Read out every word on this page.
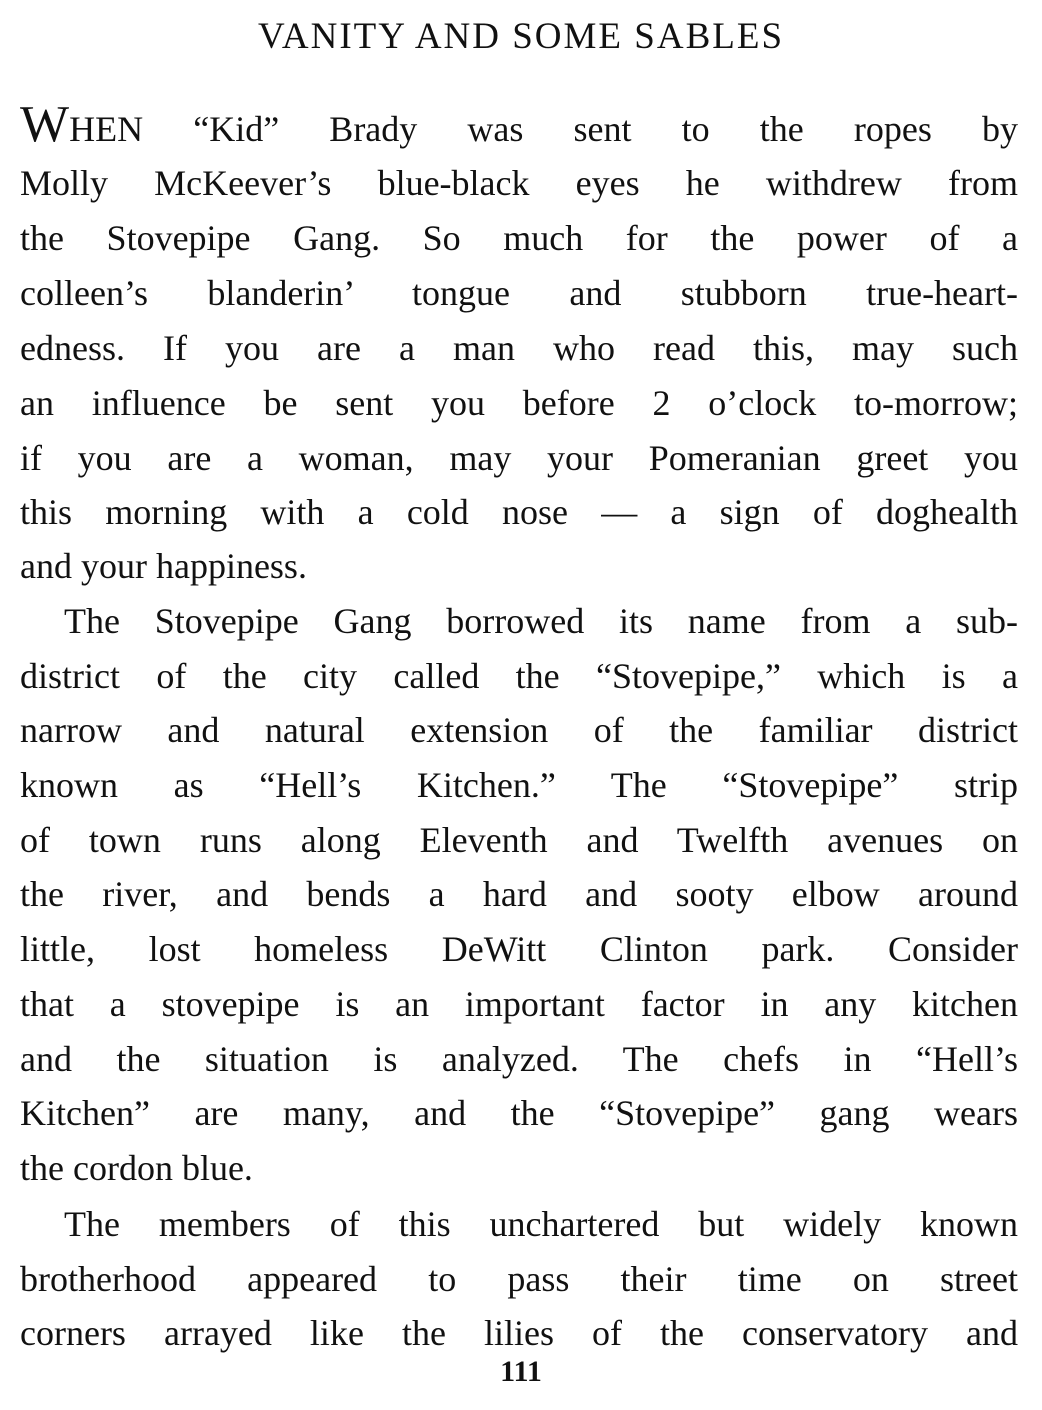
VANITY AND SOME SABLES
WHEN “Kid” Brady was sent to the ropes by
Molly McKeever’s blue-black eyes he withdrew from
the Stovepipe Gang. So much for the power of a
colleen’s blanderin’ tongue and stubborn true-heart-
edness. If you are a man who read this, may such
an influence be sent you before 2 o’clock to-morrow;
if you are a woman, may your Pomeranian greet you
this morning with a cold nose — a sign of doghealth
and your happiness.
The Stovepipe Gang borrowed its name from a sub-
district of the city called the “Stovepipe,” which is a
narrow and natural extension of the familiar district
known as “Hell’s Kitchen.” The “Stovepipe” strip
of town runs along Eleventh and Twelfth avenues on
the river, and bends a hard and sooty elbow around
little, lost homeless DeWitt Clinton park. Consider
that a stovepipe is an important factor in any kitchen
and the situation is analyzed. The chefs in “Hell’s
Kitchen” are many, and the “Stovepipe” gang wears
the cordon blue.
The members of this unchartered but widely known
brotherhood appeared to pass their time on street
corners arrayed like the lilies of the conservatory and
111
